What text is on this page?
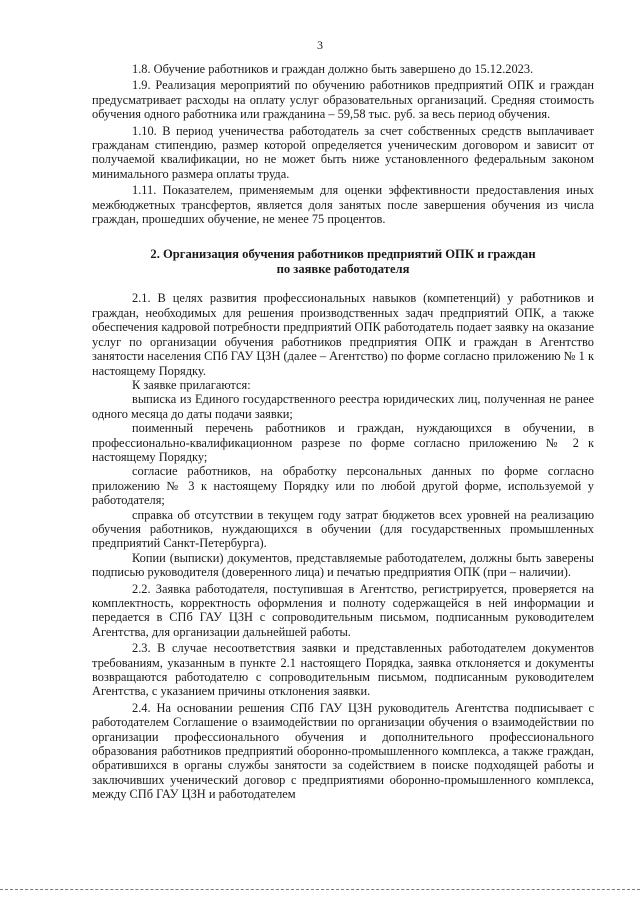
3

1.8. Обучение работников и граждан должно быть завершено до 15.12.2023.

1.9. Реализация мероприятий по обучению работников предприятий ОПК и граждан предусматривает расходы на оплату услуг образовательных организаций. Средняя стоимость обучения одного работника или гражданина – 59,58 тыс. руб. за весь период обучения.

1.10. В период ученичества работодатель за счет собственных средств выплачивает гражданам стипендию, размер которой определяется ученическим договором и зависит от получаемой квалификации, но не может быть ниже установленного федеральным законом минимального размера оплаты труда.

1.11. Показателем, применяемым для оценки эффективности предоставления иных межбюджетных трансфертов, является доля занятых после завершения обучения из числа граждан, прошедших обучение, не менее 75 процентов.

2. Организация обучения работников предприятий ОПК и граждан
по заявке работодателя

2.1. В целях развития профессиональных навыков (компетенций) у работников и граждан, необходимых для решения производственных задач предприятий ОПК, а также обеспечения кадровой потребности предприятий ОПК работодатель подает заявку на оказание услуг по организации обучения работников предприятия ОПК и граждан в Агентство занятости населения СПб ГАУ ЦЗН (далее – Агентство) по форме согласно приложению № 1 к настоящему Порядку.

К заявке прилагаются:

выписка из Единого государственного реестра юридических лиц, полученная не ранее одного месяца до даты подачи заявки;

поименный перечень работников и граждан, нуждающихся в обучении, в профессионально-квалификационном разрезе по форме согласно приложению № 2 к настоящему Порядку;

согласие работников, на обработку персональных данных по форме согласно приложению № 3 к настоящему Порядку или по любой другой форме, используемой у работодателя;

справка об отсутствии в текущем году затрат бюджетов всех уровней на реализацию обучения работников, нуждающихся в обучении (для государственных промышленных предприятий Санкт-Петербурга).

Копии (выписки) документов, представляемые работодателем, должны быть заверены подписью руководителя (доверенного лица) и печатью предприятия ОПК (при – наличии).

2.2. Заявка работодателя, поступившая в Агентство, регистрируется, проверяется на комплектность, корректность оформления и полноту содержащейся в ней информации и передается в СПб ГАУ ЦЗН с сопроводительным письмом, подписанным руководителем Агентства, для организации дальнейшей работы.

2.3. В случае несоответствия заявки и представленных работодателем документов требованиям, указанным в пункте 2.1 настоящего Порядка, заявка отклоняется и документы возвращаются работодателю с сопроводительным письмом, подписанным руководителем Агентства, с указанием причины отклонения заявки.

2.4. На основании решения СПб ГАУ ЦЗН руководитель Агентства подписывает с работодателем Соглашение о взаимодействии по организации обучения о взаимодействии по организации профессионального обучения и дополнительного профессионального образования работников предприятий оборонно-промышленного комплекса, а также граждан, обратившихся в органы службы занятости за содействием в поиске подходящей работы и заключивших ученический договор с предприятиями оборонно-промышленного комплекса, между СПб ГАУ ЦЗН и работодателем
